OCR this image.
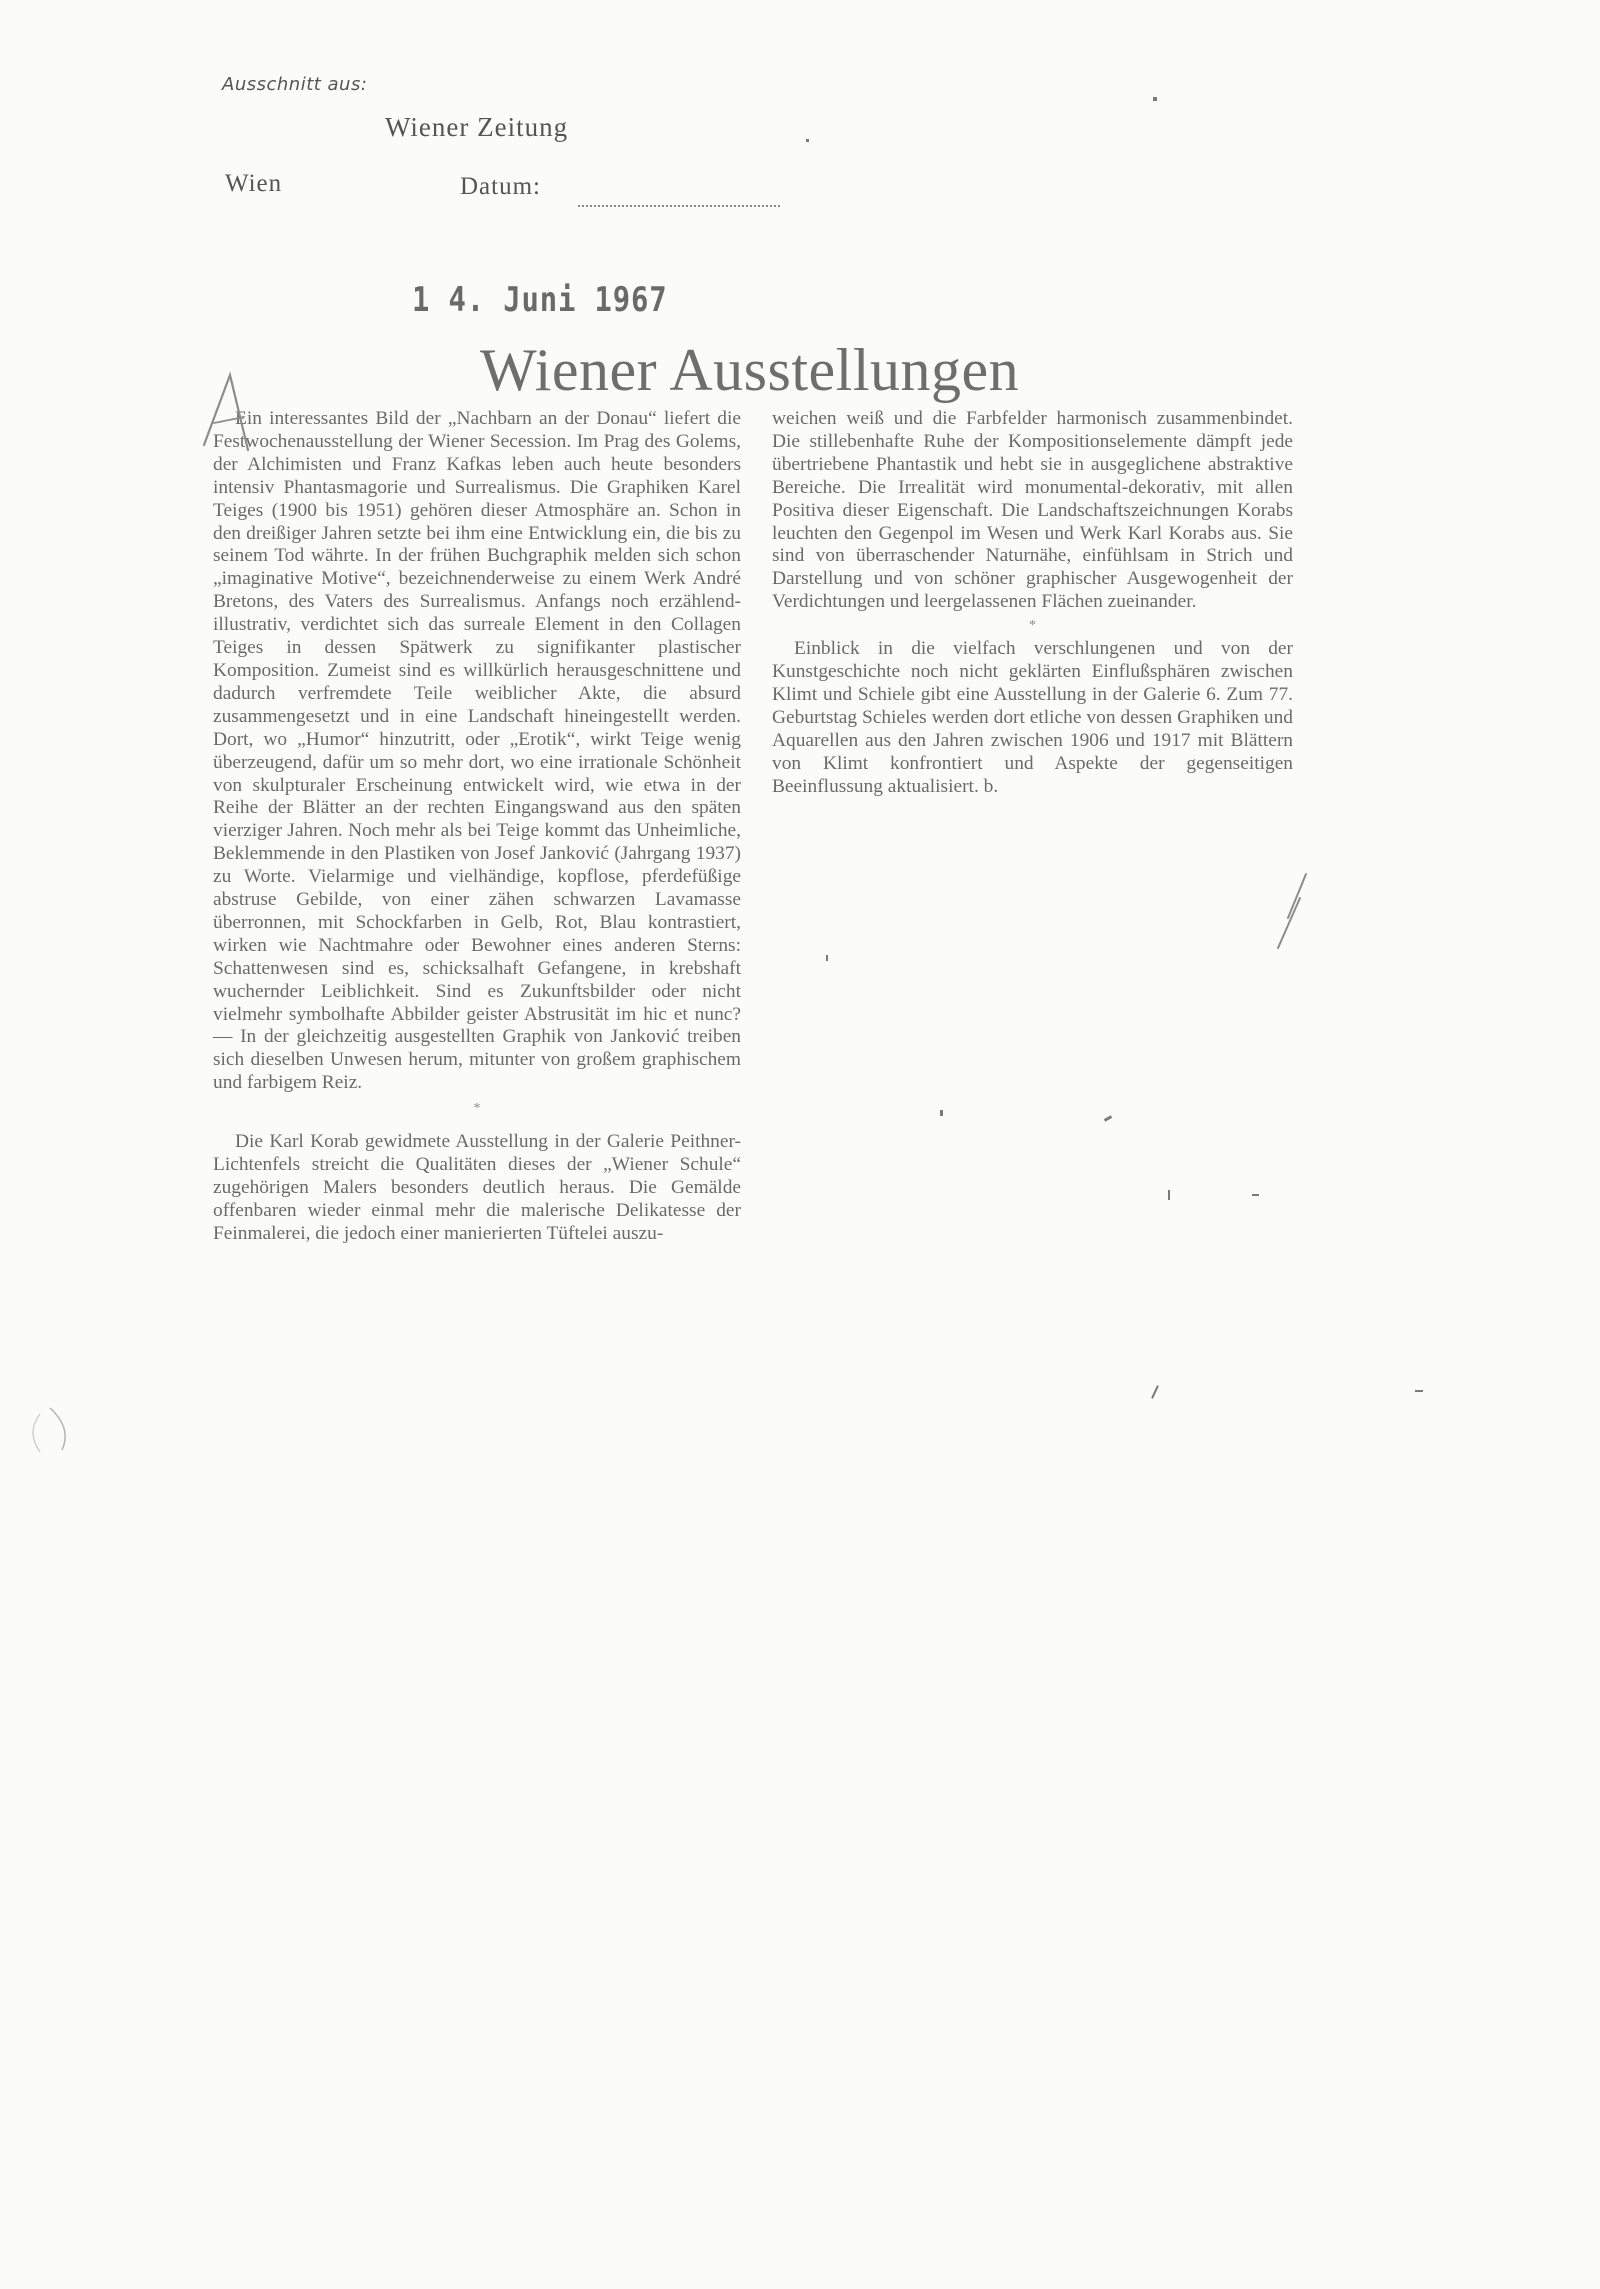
Ausschnitt aus:
Wiener Zeitung
Wien	Datum:
1 4. Juni 1967
Wiener Ausstellungen

Ein interessantes Bild der „Nachbarn an der Donau“ liefert die Festwochenausstellung der Wiener Secession. Im Prag des Golems, der Alchimisten und Franz Kafkas leben auch heute besonders intensiv Phantasmagorie und Surrealismus. Die Graphiken Karel Teiges (1900 bis 1951) gehören dieser Atmosphäre an. Schon in den dreißiger Jahren setzte bei ihm eine Entwicklung ein, die bis zu seinem Tod währte. In der frühen Buchgraphik melden sich schon „imaginative Motive“, bezeichnenderweise zu einem Werk André Bretons, des Vaters des Surrealismus. Anfangs noch erzählend-illustrativ, verdichtet sich das surreale Element in den Collagen Teiges in dessen Spätwerk zu signifikanter plastischer Komposition. Zumeist sind es willkürlich herausgeschnittene und dadurch verfremdete Teile weiblicher Akte, die absurd zusammengesetzt und in eine Landschaft hineingestellt werden. Dort, wo „Humor“ hinzutritt, oder „Erotik“, wirkt Teige wenig überzeugend, dafür um so mehr dort, wo eine irrationale Schönheit von skulpturaler Erscheinung entwickelt wird, wie etwa in der Reihe der Blätter an der rechten Eingangswand aus den späten vierziger Jahren. Noch mehr als bei Teige kommt das Unheimliche, Beklemmende in den Plastiken von Josef Janković (Jahrgang 1937) zu Worte. Vielarmige und vielhändige, kopflose, pferdefüßige abstruse Gebilde, von einer zähen schwarzen Lavamasse überronnen, mit Schockfarben in Gelb, Rot, Blau kontrastiert, wirken wie Nachtmahre oder Bewohner eines anderen Sterns: Schattenwesen sind es, schicksalhaft Gefangene, in krebshaft wuchernder Leiblichkeit. Sind es Zukunftsbilder oder nicht vielmehr symbolhafte Abbilder geister Abstrusität im hic et nunc? — In der gleichzeitig ausgestellten Graphik von Janković treiben sich dieselben Unwesen herum, mitunter von großem graphischem und farbigem Reiz.

*

Die Karl Korab gewidmete Ausstellung in der Galerie Peithner-Lichtenfels streicht die Qualitäten dieses der „Wiener Schule“ zugehörigen Malers besonders deutlich heraus. Die Gemälde offenbaren wieder einmal mehr die malerische Delikatesse der Feinmalerei, die jedoch einer manierierten Tüftelei auszu-

weichen weiß und die Farbfelder harmonisch zusammenbindet. Die stillebenhafte Ruhe der Kompositionselemente dämpft jede übertriebene Phantastik und hebt sie in ausgeglichene abstraktive Bereiche. Die Irrealität wird monumental-dekorativ, mit allen Positiva dieser Eigenschaft. Die Landschaftszeichnungen Korabs leuchten den Gegenpol im Wesen und Werk Karl Korabs aus. Sie sind von überraschender Naturnähe, einfühlsam in Strich und Darstellung und von schöner graphischer Ausgewogenheit der Verdichtungen und leergelassenen Flächen zueinander.

*

Einblick in die vielfach verschlungenen und von der Kunstgeschichte noch nicht geklärten Einflußsphären zwischen Klimt und Schiele gibt eine Ausstellung in der Galerie 6. Zum 77. Geburtstag Schieles werden dort etliche von dessen Graphiken und Aquarellen aus den Jahren zwischen 1906 und 1917 mit Blättern von Klimt konfrontiert und Aspekte der gegenseitigen Beeinflussung aktualisiert. b.
